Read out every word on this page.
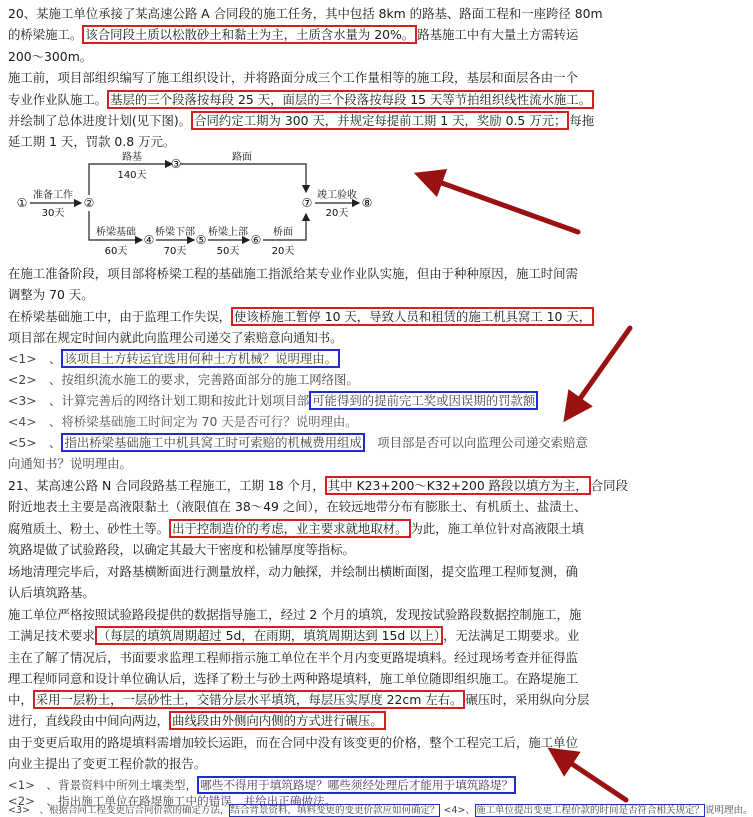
20、某施工单位承接了某高速公路 A 合同段的施工任务，其中包括 8km 的路基、路面工程和一座跨径 80m
的桥梁施工。 该合同段土质以松散砂土和黏土为主，土质含水量为 20%。 路基施工中有大量土方需转运
200～300m。
施工前，项目部组织编写了施工组织设计，并将路面分成三个工作量相等的施工段，基层和面层各由一个
专业作业队施工。 基层的三个段落按每段 25 天，面层的三个段落按每段 15 天等节拍组织线性流水施工。
并绘制了总体进度计划(见下图)。 合同约定工期为 300 天，并规定每提前工期 1 天，奖励 0.5 万元； 每拖
延工期 1 天，罚款 0.8 万元。
①	②
③
④	⑤	⑥
⑦	⑧
准备工作
30天
路基
140天
路面
竣工验收
20天
桥梁基础
60天
桥梁下部
70天
桥梁上部
50天
桥面
20天
在施工准备阶段，项目部将桥梁工程的基础施工指派给某专业作业队实施，但由于种种原因，施工时间需
调整为 70 天。
在桥梁基础施工中，由于监理工作失误， 使该桥施工暂停 10 天，导致人员和租赁的施工机具窝工 10 天，
项目部在规定时间内就此向监理公司递交了索赔意向通知书。
<1>　、 该项目土方转运宜选用何种土方机械？说明理由。
<2>　、按组织流水施工的要求，完善路面部分的施工网络图。
<3>　、计算完善后的网络计划工期和按此计划项目部 可能得到的提前完工奖或因误期的罚款额
<4>　、将桥梁基础施工时间定为 70 天是否可行？说明理由。
<5>　、 指出桥梁基础施工中机具窝工时可索赔的机械费用组成　 项目部是否可以向监理公司递交索赔意
向通知书？说明理由。
21、某高速公路 N 合同段路基工程施工，工期 18 个月， 其中 K23+200～K32+200 路段以填方为主， 合同段
附近地表土主要是高液限黏土（液限值在 38～49 之间），在较远地带分布有膨胀土、有机质土、盐渍土、
腐殖质土、粉土、砂性土等。 出于控制造价的考虑，业主要求就地取材。 为此，施工单位针对高液限土填
筑路堤做了试验路段，以确定其最大干密度和松铺厚度等指标。
场地清理完毕后，对路基横断面进行测量放样，动力触探，并绘制出横断面图，提交监理工程师复测，确
认后填筑路基。
施工单位严格按照试验路段提供的数据指导施工，经过 2 个月的填筑，发现按试验路段数据控制施工，施
工满足技术要求 （每层的填筑周期超过 5d，在雨期，填筑周期达到 15d 以上） ，无法满足工期要求。业
主在了解了情况后，书面要求监理工程师指示施工单位在半个月内变更路堤填料。经过现场考查并征得监
理工程师同意和设计单位确认后，选择了粉土与砂土两种路堤填料，施工单位随即组织施工。在路堤施工
中， 采用一层粉土，一层砂性土，交错分层水平填筑，每层压实厚度 22cm 左右。 碾压时，采用纵向分层
进行，直线段由中间向两边， 曲线段由外侧向内侧的方式进行碾压。
由于变更后取用的路堤填料需增加较长运距，而在合同中没有该变更的价格，整个工程完工后，施工单位
向业主提出了变更工程价款的报告。
<1>　、背景资料中所列土壤类型， 哪些不得用于填筑路堤？哪些须经处理后才能用于填筑路堤？
<2>　、指出施工单位在路堤施工中的错误，并给出正确做法。
<3>　、根据合同工程变更后合同价款的确定方法，结合背景资料，填料变更的变更价款应如何确定？ <4>、施工单位提出变更工程价款的时间是否符合相关规定？说明理由。
